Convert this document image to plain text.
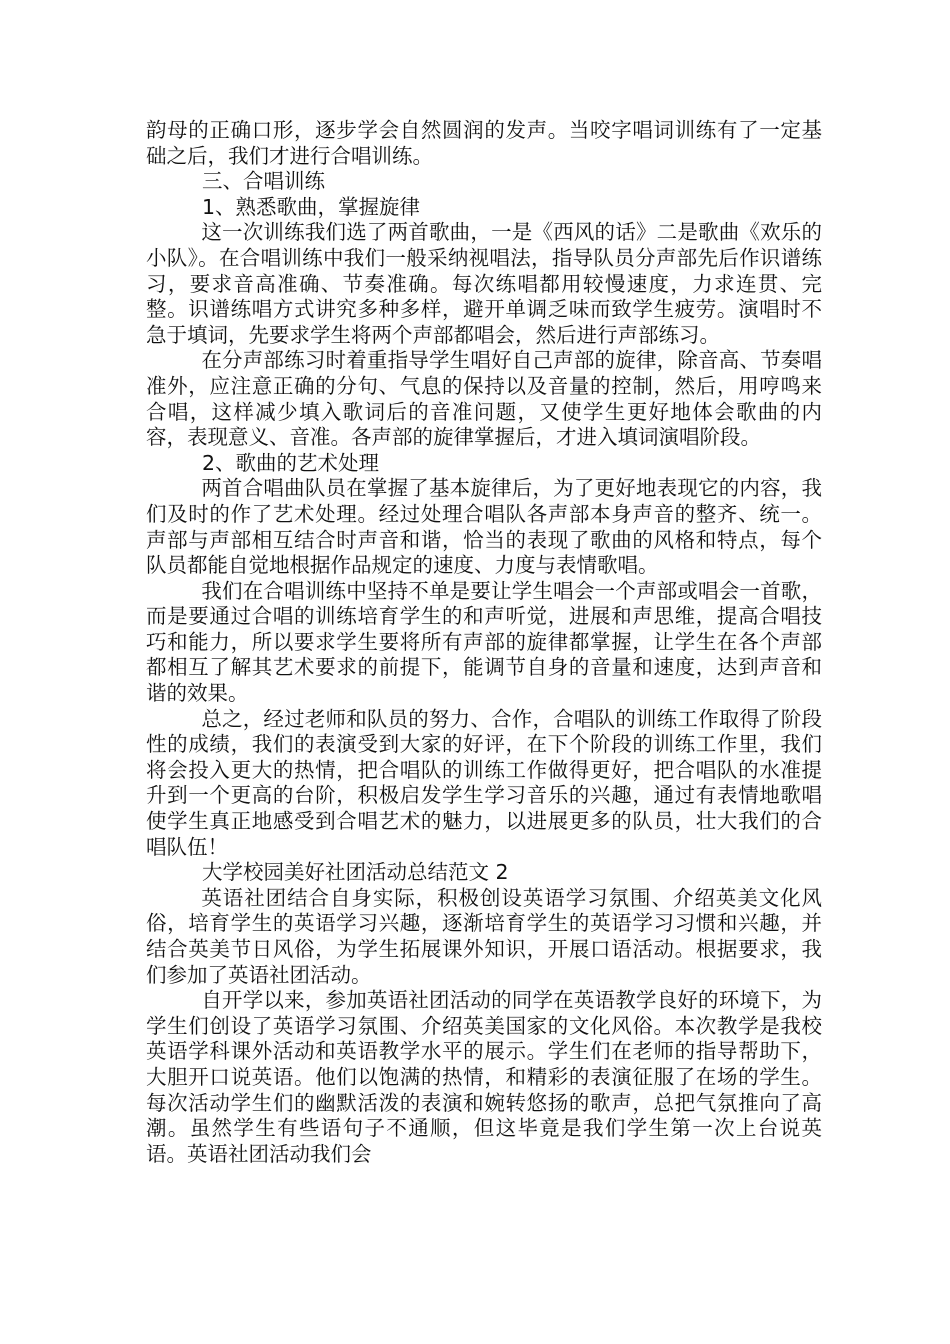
韵母的正确口形，逐步学会自然圆润的发声。当咬字唱词训练有了一定基础之后，我们才进行合唱训练。

三、合唱训练

1、熟悉歌曲，掌握旋律

这一次训练我们选了两首歌曲，一是《西风的话》二是歌曲《欢乐的小队》。在合唱训练中我们一般采纳视唱法，指导队员分声部先后作识谱练习，要求音高准确、节奏准确。每次练唱都用较慢速度，力求连贯、完整。识谱练唱方式讲究多种多样，避开单调乏味而致学生疲劳。演唱时不急于填词，先要求学生将两个声部都唱会，然后进行声部练习。

在分声部练习时着重指导学生唱好自己声部的旋律，除音高、节奏唱准外，应注意正确的分句、气息的保持以及音量的控制，然后，用哼鸣来合唱，这样减少填入歌词后的音准问题，又使学生更好地体会歌曲的内容，表现意义、音准。各声部的旋律掌握后，才进入填词演唱阶段。

2、歌曲的艺术处理

两首合唱曲队员在掌握了基本旋律后，为了更好地表现它的内容，我们及时的作了艺术处理。经过处理合唱队各声部本身声音的整齐、统一。声部与声部相互结合时声音和谐，恰当的表现了歌曲的风格和特点，每个队员都能自觉地根据作品规定的速度、力度与表情歌唱。

我们在合唱训练中坚持不单是要让学生唱会一个声部或唱会一首歌，而是要通过合唱的训练培育学生的和声听觉，进展和声思维，提高合唱技巧和能力，所以要求学生要将所有声部的旋律都掌握，让学生在各个声部都相互了解其艺术要求的前提下，能调节自身的音量和速度，达到声音和谐的效果。

总之，经过老师和队员的努力、合作，合唱队的训练工作取得了阶段性的成绩，我们的表演受到大家的好评，在下个阶段的训练工作里，我们将会投入更大的热情，把合唱队的训练工作做得更好，把合唱队的水准提升到一个更高的台阶，积极启发学生学习音乐的兴趣，通过有表情地歌唱使学生真正地感受到合唱艺术的魅力，以进展更多的队员，壮大我们的合唱队伍！

大学校园美好社团活动总结范文 2

英语社团结合自身实际，积极创设英语学习氛围、介绍英美文化风俗，培育学生的英语学习兴趣，逐渐培育学生的英语学习习惯和兴趣，并结合英美节日风俗，为学生拓展课外知识，开展口语活动。根据要求，我们参加了英语社团活动。

自开学以来，参加英语社团活动的同学在英语教学良好的环境下，为学生们创设了英语学习氛围、介绍英美国家的文化风俗。本次教学是我校英语学科课外活动和英语教学水平的展示。学生们在老师的指导帮助下，大胆开口说英语。他们以饱满的热情，和精彩的表演征服了在场的学生。每次活动学生们的幽默活泼的表演和婉转悠扬的歌声，总把气氛推向了高潮。虽然学生有些语句子不通顺，但这毕竟是我们学生第一次上台说英语。英语社团活动我们会
